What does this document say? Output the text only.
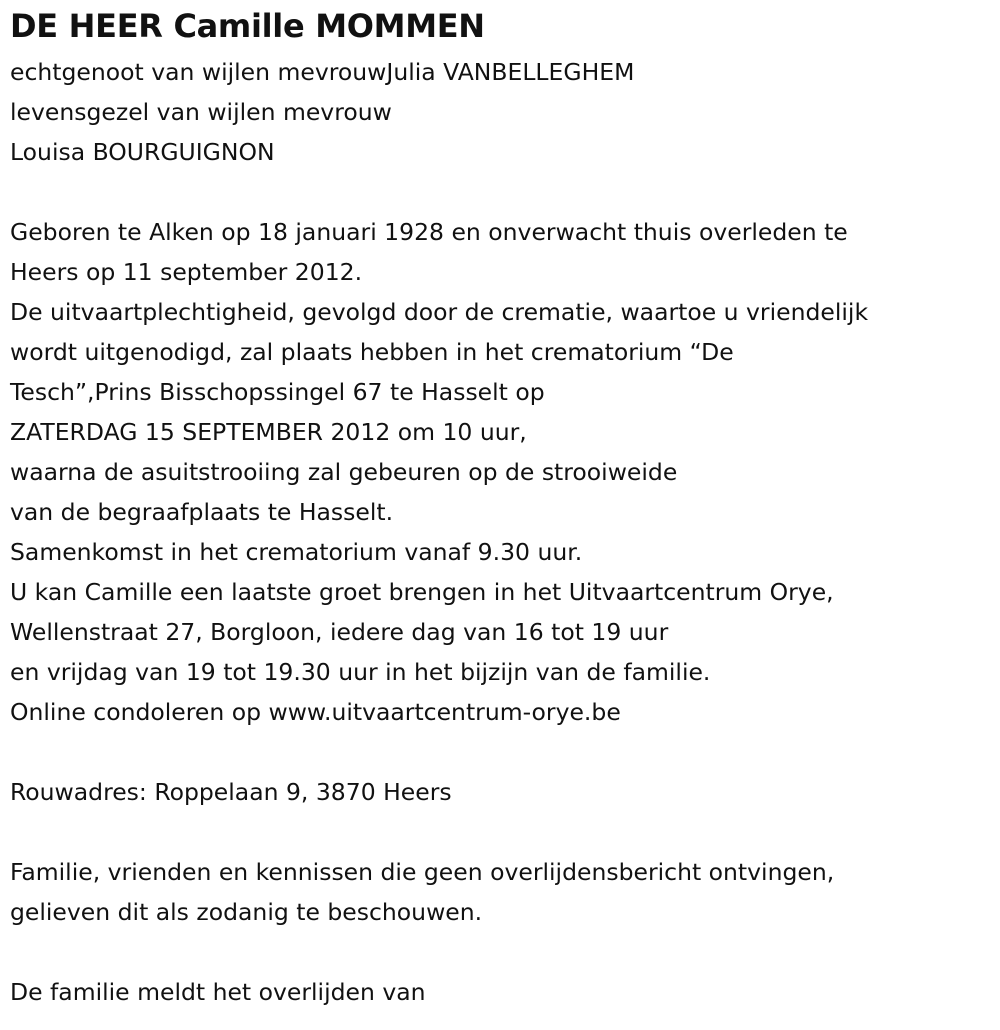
DE HEER Camille MOMMEN

echtgenoot van wijlen mevrouwJulia VANBELLEGHEM

levensgezel van wijlen mevrouw

Louisa BOURGUIGNON

Geboren te Alken op 18 januari 1928 en onverwacht thuis overleden te

Heers op 11 september 2012.

De uitvaartplechtigheid, gevolgd door de crematie, waartoe u vriendelijk

wordt uitgenodigd, zal plaats hebben in het crematorium “De

Tesch”,Prins Bisschopssingel 67 te Hasselt op

ZATERDAG 15 SEPTEMBER 2012 om 10 uur,

waarna de asuitstrooiing zal gebeuren op de strooiweide

van de begraafplaats te Hasselt.

Samenkomst in het crematorium vanaf 9.30 uur.

U kan Camille een laatste groet brengen in het Uitvaartcentrum Orye,

Wellenstraat 27, Borgloon, iedere dag van 16 tot 19 uur

en vrijdag van 19 tot 19.30 uur in het bijzijn van de familie.

Online condoleren op www.uitvaartcentrum-orye.be

Rouwadres: Roppelaan 9, 3870 Heers

Familie, vrienden en kennissen die geen overlijdensbericht ontvingen,

gelieven dit als zodanig te beschouwen.

De familie meldt het overlijden van
